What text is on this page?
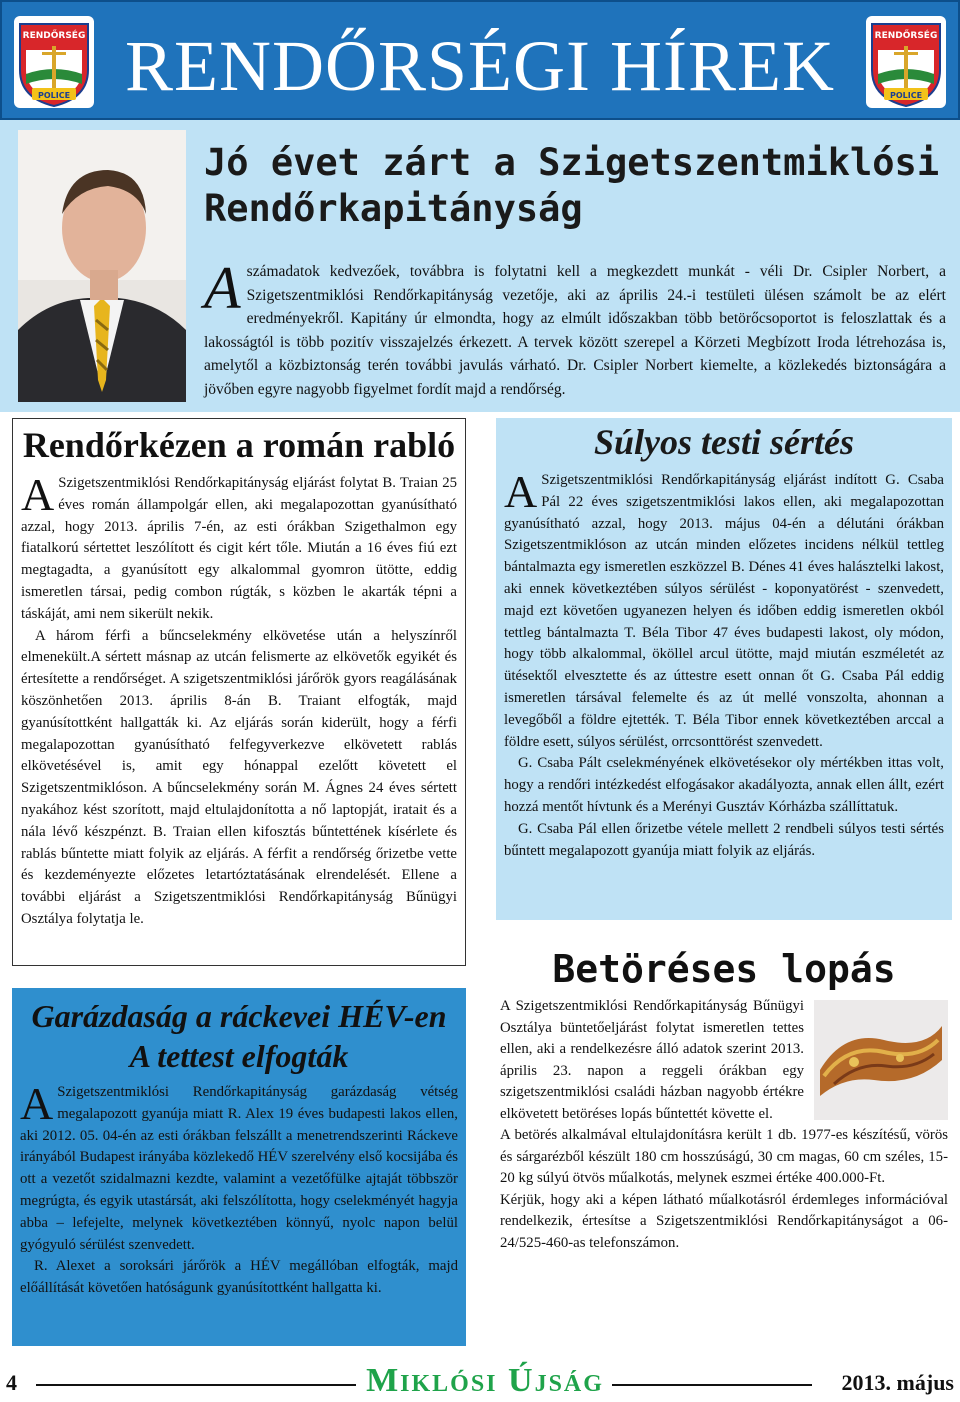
RENDŐRSÉG
POLICE RENDŐRSÉGI HÍREK	RENDŐRSÉG
POLICE
Jó évet zárt a Szigetszentmiklósi Rendőrkapitányság
A számadatok kedvezőek, továbbra is folytatni kell a megkezdett munkát - véli Dr. Csipler Norbert, a Szigetszentmiklósi Rendőrkapitányság vezetője, aki az április 24.-i testületi ülésen számolt be az elért eredményekről. Kapitány úr elmondta, hogy az elmúlt időszakban több betörőcsoportot is feloszlattak és a lakosságtól is több pozitív visszajelzés érkezett. A tervek között szerepel a Körzeti Megbízott Iroda létrehozása is, amelytől a közbiztonság terén további javulás várható. Dr. Csipler Norbert kiemelte, a közlekedés biztonságára a jövőben egyre nagyobb figyelmet fordít majd a rendőrség.
Rendőrkézen a román rabló

A Szigetszentmiklósi Rendőrkapitányság eljárást folytat B. Traian 25 éves román állampolgár ellen, aki megalapozottan gyanúsítható azzal, hogy 2013. április 7-én, az esti órákban Szigethalmon egy fiatalkorú sértettet leszólított és cigit kért tőle. Miután a 16 éves fiú ezt megtagadta, a gyanúsított egy alkalommal gyomron ütötte, eddig ismeretlen társai, pedig combon rúgták, s közben le akarták tépni a táskáját, ami nem sikerült nekik.

A három férfi a bűncselekmény elkövetése után a helyszínről elmenekült.A sértett másnap az utcán felismerte az elkövetők egyikét és értesítette a rendőrséget. A szigetszentmiklósi járőrök gyors reagálásának köszönhetően 2013. április 8-án B. Traiant elfogták, majd gyanúsítottként hallgatták ki. Az eljárás során kiderült, hogy a férfi megalapozottan gyanúsítható felfegyverkezve elkövetett rablás elkövetésével is, amit egy hónappal ezelőtt követett el Szigetszentmiklóson. A bűncselekmény során M. Ágnes 24 éves sértett nyakához kést szorított, majd eltulajdonította a nő laptopját, iratait és a nála lévő készpénzt. B. Traian ellen kifosztás bűntettének kísérlete és rablás bűntette miatt folyik az eljárás. A férfit a rendőrség őrizetbe vette és kezdeményezte előzetes letartóztatásának elrendelését. Ellene a további eljárást a Szigetszentmiklósi Rendőrkapitányság Bűnügyi Osztálya folytatja le.

Súlyos testi sértés

A Szigetszentmiklósi Rendőrkapitányság eljárást indított G. Csaba Pál 22 éves szigetszentmiklósi lakos ellen, aki megalapozottan gyanúsítható azzal, hogy 2013. május 04-én a délutáni órákban Szigetszentmiklóson az utcán minden előzetes incidens nélkül tettleg bántalmazta egy ismeretlen eszközzel B. Dénes 41 éves halásztelki lakost, aki ennek következtében súlyos sérülést - koponyatörést - szenvedett, majd ezt követően ugyanezen helyen és időben eddig ismeretlen okból tettleg bántalmazta T. Béla Tibor 47 éves budapesti lakost, oly módon, hogy több alkalommal, ököllel arcul ütötte, majd miután eszméletét az ütésektől elvesztette és az úttestre esett onnan őt G. Csaba Pál eddig ismeretlen társával felemelte és az út mellé vonszolta, ahonnan a levegőből a földre ejtették. T. Béla Tibor ennek következtében arccal a földre esett, súlyos sérülést, orrcsonttörést szenvedett.

G. Csaba Pált cselekményének elkövetésekor oly mértékben ittas volt, hogy a rendőri intézkedést elfogásakor akadályozta, annak ellen állt, ezért hozzá mentőt hívtunk és a Merényi Gusztáv Kórházba szállíttatuk.

G. Csaba Pál ellen őrizetbe vétele mellett 2 rendbeli súlyos testi sértés bűntett megalapozott gyanúja miatt folyik az eljárás.

Garázdaság a ráckevei HÉV-en
A tettest elfogták

A Szigetszentmiklósi Rendőrkapitányság garázdaság vétség megalapozott gyanúja miatt R. Alex 19 éves budapesti lakos ellen, aki 2012. 05. 04-én az esti órákban felszállt a menetrendszerinti Ráckeve irányából Budapest irányába közlekedő HÉV szerelvény első kocsijába és ott a vezetőt szidalmazni kezdte, valamint a vezetőfülke ajtaját többször megrúgta, és egyik utastársát, aki felszólította, hogy cselekményét hagyja abba – lefejelte, melynek következtében könnyű, nyolc napon belül gyógyuló sérülést szenvedett.

R. Alexet a soroksári járőrök a HÉV megállóban elfogták, majd előállítását követően hatóságunk gyanúsítottként hallgatta ki.

Betöréses lopás

A Szigetszentmiklósi Rendőrkapitányság Bűnügyi Osztálya büntetőeljárást folytat ismeretlen tettes ellen, aki a rendelkezésre álló adatok szerint 2013. április 23. napon a reggeli órákban egy szigetszentmiklósi családi házban nagyobb értékre elkövetett betöréses lopás bűntettét követte el.

A betörés alkalmával eltulajdonításra került 1 db. 1977-es készítésű, vörös és sárgarézből készült 180 cm hosszúságú, 30 cm magas, 60 cm széles, 15-20 kg súlyú ötvös műalkotás, melynek eszmei értéke 400.000-Ft.

Kérjük, hogy aki a képen látható műalkotásról érdemleges információval rendelkezik, értesítse a Szigetszentmiklósi Rendőrkapitányságot a 06-24/525-460-as telefonszámon.

4	Miklósi Újság	2013. május
